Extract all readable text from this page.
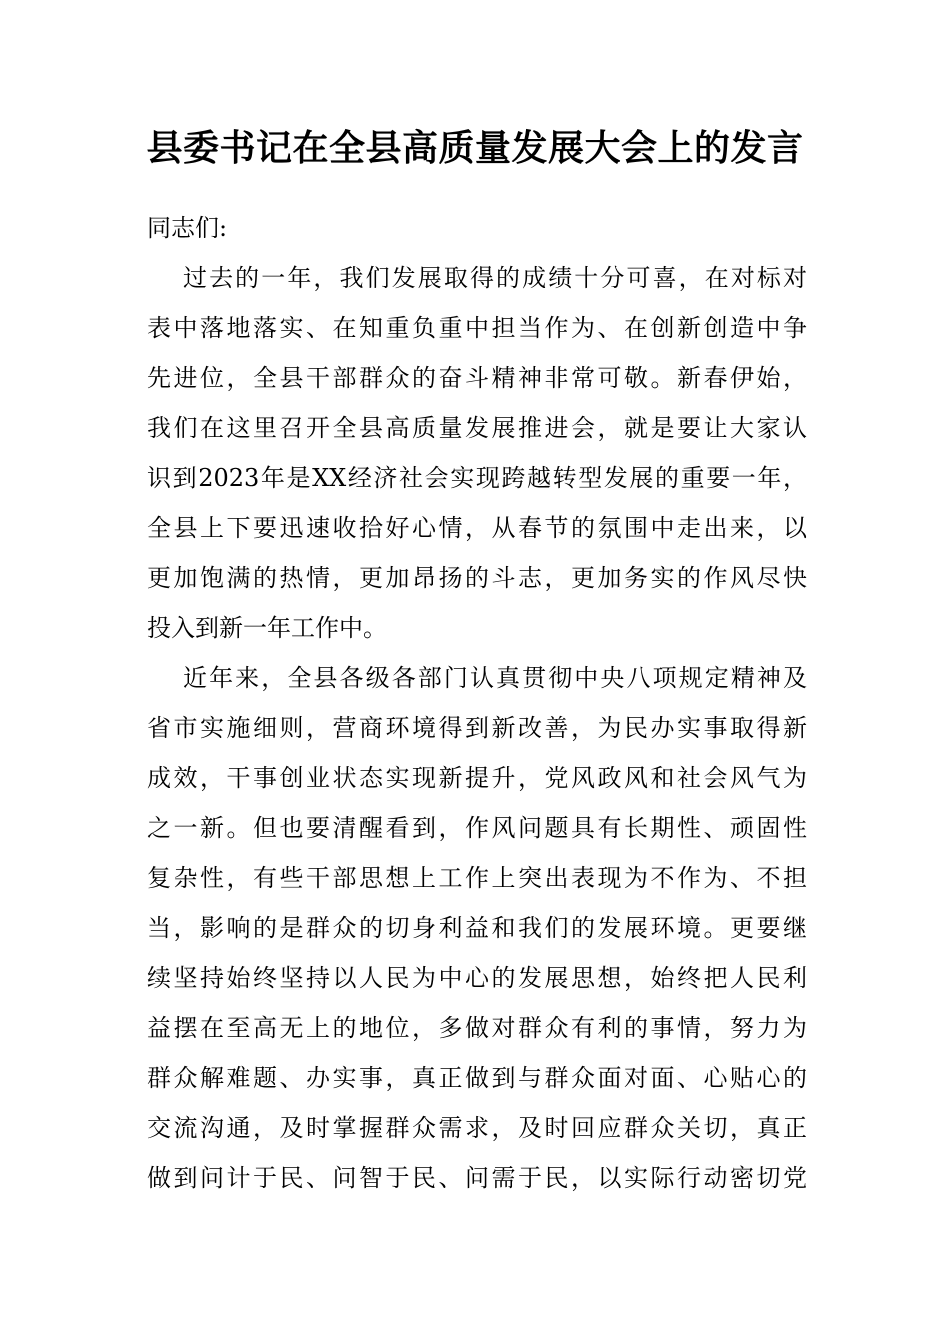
县委书记在全县高质量发展大会上的发言
同志们:
过去的一年，我们发展取得的成绩十分可喜，在对标对
表中落地落实、在知重负重中担当作为、在创新创造中争
先进位，全县干部群众的奋斗精神非常可敬。新春伊始，
我们在这里召开全县高质量发展推进会，就是要让大家认
识到2023年是XX经济社会实现跨越转型发展的重要一年，
全县上下要迅速收拾好心情，从春节的氛围中走出来，以
更加饱满的热情，更加昂扬的斗志，更加务实的作风尽快
投入到新一年工作中。
近年来，全县各级各部门认真贯彻中央八项规定精神及
省市实施细则，营商环境得到新改善，为民办实事取得新
成效，干事创业状态实现新提升，党风政风和社会风气为
之一新。但也要清醒看到，作风问题具有长期性、顽固性
复杂性，有些干部思想上工作上突出表现为不作为、不担
当，影响的是群众的切身利益和我们的发展环境。更要继
续坚持始终坚持以人民为中心的发展思想，始终把人民利
益摆在至高无上的地位，多做对群众有利的事情，努力为
群众解难题、办实事，真正做到与群众面对面、心贴心的
交流沟通，及时掌握群众需求，及时回应群众关切，真正
做到问计于民、问智于民、问需于民，以实际行动密切党
